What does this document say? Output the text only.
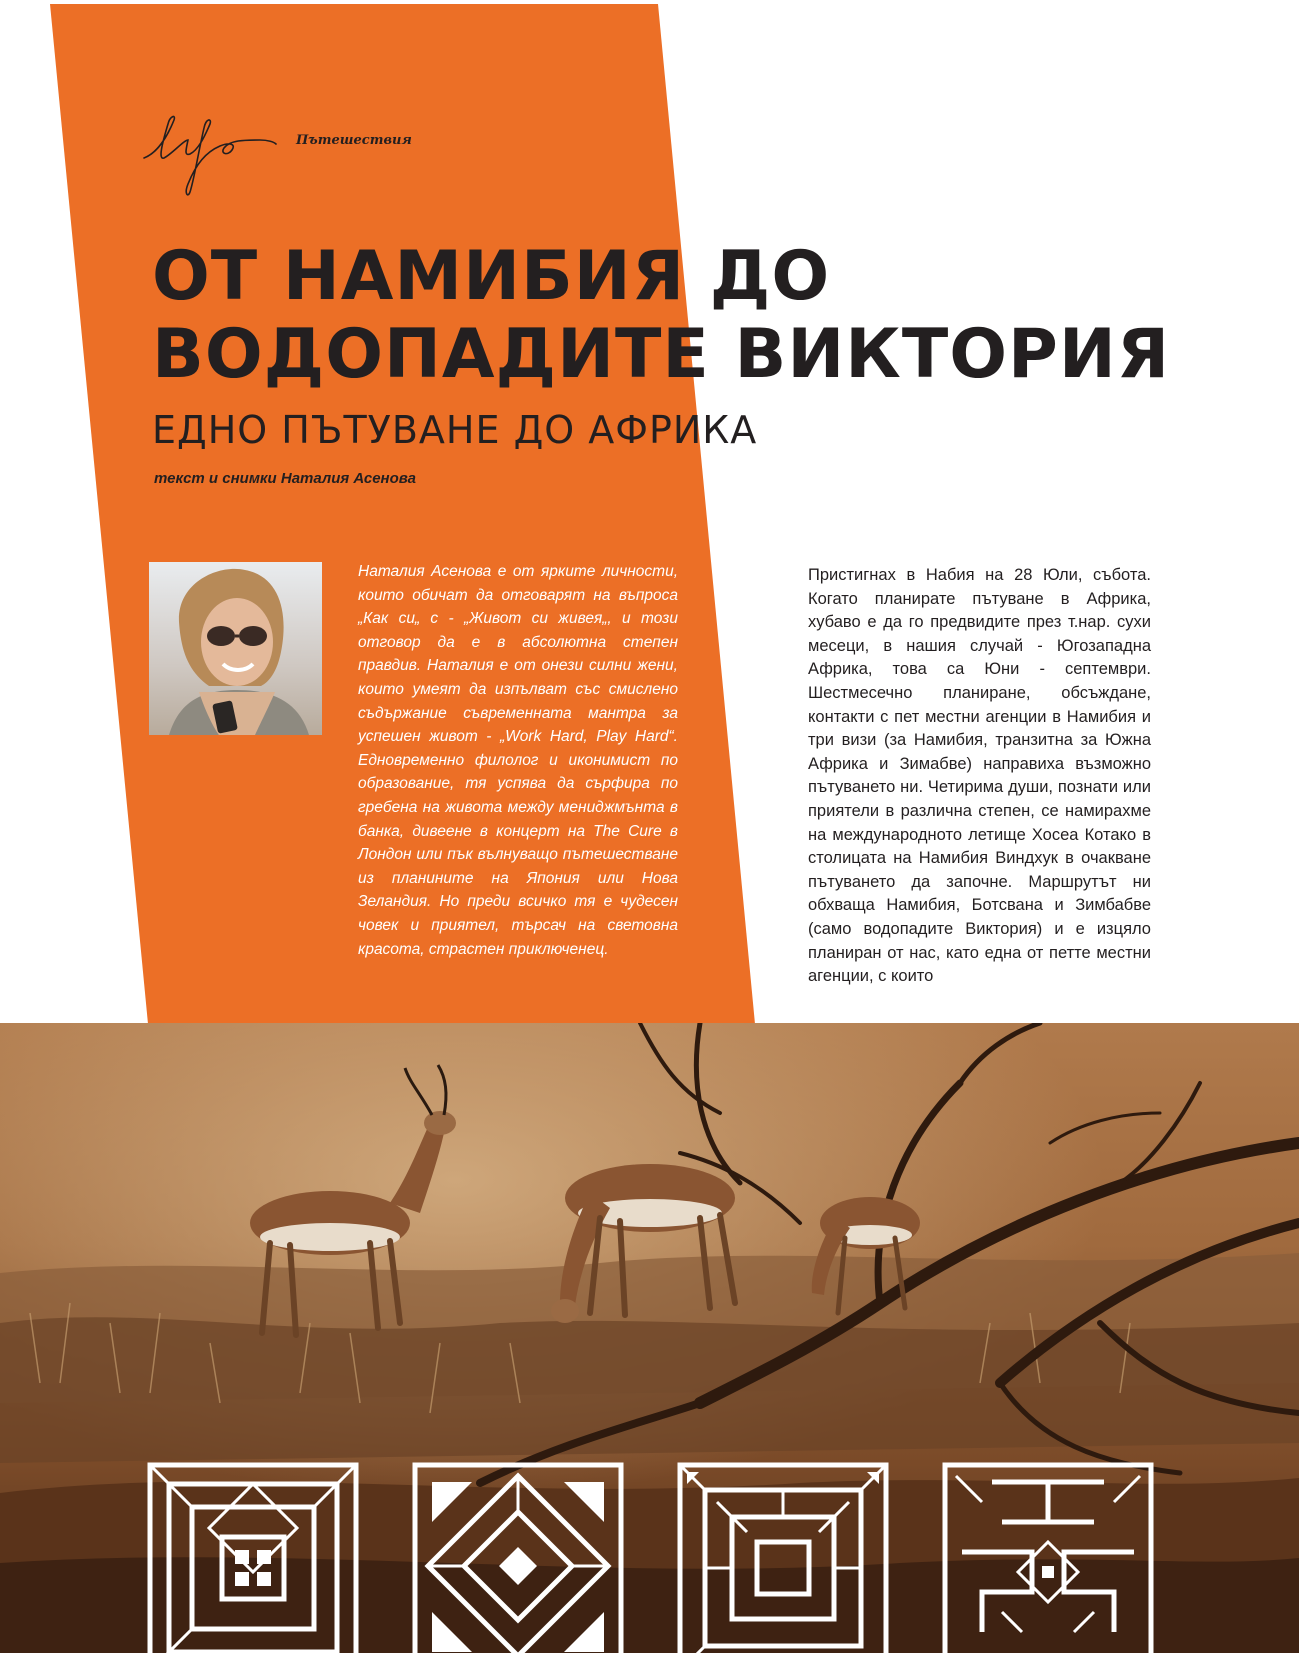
Пътешествия
ОТ НАМИБИЯ ДО
ВОДОПАДИТЕ ВИКТОРИЯ
ЕДНО ПЪТУВАНЕ ДО АФРИКА
текст и снимки Наталия Асенова

Наталия Асенова е от ярките личности, които обичат да отговарят на въпроса „Как си„ с - „Живот си живея„, и този отговор да е в абсолютна степен правдив. Наталия е от онези силни жени, които умеят да изпълват със смислено съдържание съвременната мантра за успешен живот - „Work Hard, Play Hard“. Едновременно филолог и иконимист по образование, тя успява да сърфира по гребена на живота между мениджмънта в банка, дивеене в концерт на The Cure в Лондон или пък вълнуващо пътешестване из планините на Япония или Нова Зеландия. Но преди всичко тя е чудесен човек и приятел, търсач на световна красота, страстен приключенец.

Пристигнах в Набия на 28 Юли, събота. Когато планирате пътуване в Африка, хубаво е да го предвидите през т.нар. сухи месеци, в нашия случай - Югозападна Африка, това са Юни - септември. Шестмесечно планиране, обсъждане, контакти с пет местни агенции в Намибия и три визи (за Намибия, транзитна за Южна Африка и Зимабве) направиха възможно пътуването ни. Четирима души, познати или приятели в различна степен, се намирахме на международното летище Хосеа Котако в столицата на Намибия Виндхук в очакване пътуването да започне. Маршрутът ни обхваща Намибия, Ботсвана и Зимбабве (само водопадите Виктория) и е изцяло планиран от нас, като една от петте местни агенции, с които
